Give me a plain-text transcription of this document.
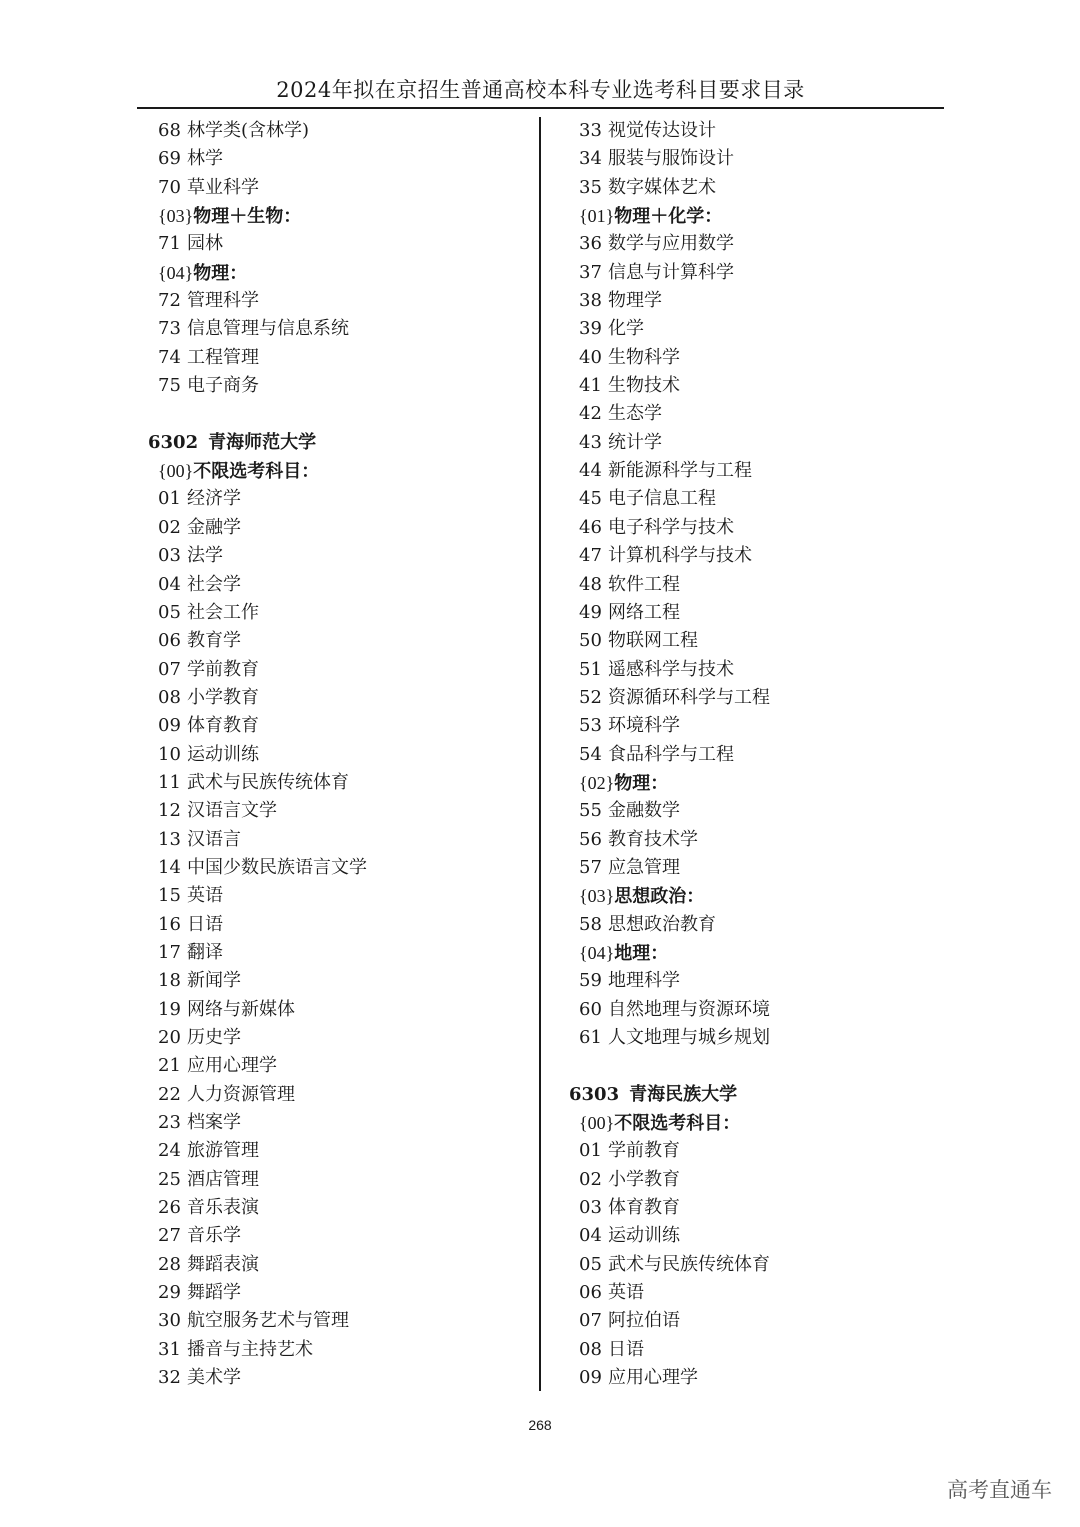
2024年拟在京招生普通高校本科专业选考科目要求目录
68 林学类(含林学)
69 林学
70 草业科学
{03}物理＋生物：
71 园林
{04}物理：
72 管理科学
73 信息管理与信息系统
74 工程管理
75 电子商务
6302 青海师范大学
{00}不限选考科目：
01 经济学
02 金融学
03 法学
04 社会学
05 社会工作
06 教育学
07 学前教育
08 小学教育
09 体育教育
10 运动训练
11 武术与民族传统体育
12 汉语言文学
13 汉语言
14 中国少数民族语言文学
15 英语
16 日语
17 翻译
18 新闻学
19 网络与新媒体
20 历史学
21 应用心理学
22 人力资源管理
23 档案学
24 旅游管理
25 酒店管理
26 音乐表演
27 音乐学
28 舞蹈表演
29 舞蹈学
30 航空服务艺术与管理
31 播音与主持艺术
32 美术学
33 视觉传达设计
34 服装与服饰设计
35 数字媒体艺术
{01}物理＋化学：
36 数学与应用数学
37 信息与计算科学
38 物理学
39 化学
40 生物科学
41 生物技术
42 生态学
43 统计学
44 新能源科学与工程
45 电子信息工程
46 电子科学与技术
47 计算机科学与技术
48 软件工程
49 网络工程
50 物联网工程
51 遥感科学与技术
52 资源循环科学与工程
53 环境科学
54 食品科学与工程
{02}物理：
55 金融数学
56 教育技术学
57 应急管理
{03}思想政治：
58 思想政治教育
{04}地理：
59 地理科学
60 自然地理与资源环境
61 人文地理与城乡规划
6303 青海民族大学
{00}不限选考科目：
01 学前教育
02 小学教育
03 体育教育
04 运动训练
05 武术与民族传统体育
06 英语
07 阿拉伯语
08 日语
09 应用心理学
268
高考直通车
